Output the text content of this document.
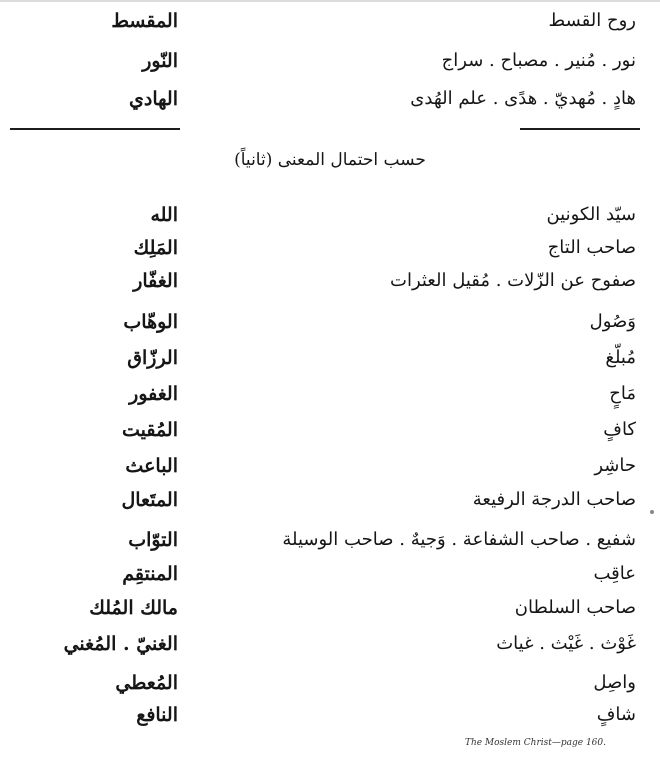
المقسط	روح القسط
النّور	نور . مُنير . مصباح . سراج
الهادي	هادٍ . مُهديّ . هدًى . علم الهُدى
حسب احتمال المعنى (ثانياً)
الله	سيّد الكونين
المَلِك	صاحب التاج
الغفّار	صفوح عن الزّلات . مُقيل العثرات
الوهّاب	وَصُول
الرزّاق	مُبلّغ
الغفور	مَاحٍ
المُقيت	كافٍ
الباعث	حاشِر
المتَعال	صاحب الدرجة الرفيعة
التوّاب	شفيع . صاحب الشفاعة . وَجيهٌ . صاحب الوسيلة
المنتقِم	عاقِب
مالك المُلك	صاحب السلطان
الغنيّ . المُغني	غَوْث . غَيْث . غياث
المُعطي	واصِل
النافع	شافٍ
The Moslem Christ—page 160.
